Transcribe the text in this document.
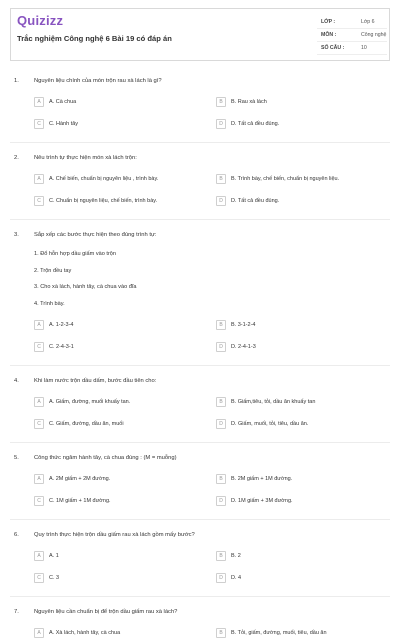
Quizizz
Trắc nghiệm Công nghệ 6 Bài 19 có đáp án
LỚP :	Lớp 6
MÔN :	Công nghệ
SỐ CÂU :	10
1.	Nguyên liệu chính của món trộn rau xà lách là gì?
A	A. Cà chua	B	B. Rau xà lách
C	C. Hành tây	D	D. Tất cả đều đúng.
2.	Nêu trình tự thực hiện món xà lách trộn:
A	A. Chế biến, chuẩn bị nguyên liệu , trình bày.	B	B. Trình bày, chế biến, chuẩn bị nguyên liệu.
C	C. Chuẩn bị nguyên liệu, chế biến, trình bày.	D	D. Tất cả đều đúng.
3.	Sắp xếp các bước thực hiện theo đúng trình tự:
1. Đổ hỗn hợp dầu giấm vào trộn
2. Trộn đều tay
3. Cho xà lách, hành tây, cà chua vào đĩa
4. Trình bày.
A	A. 1-2-3-4	B	B. 3-1-2-4
C	C. 2-4-3-1	D	D. 2-4-1-3
4.	Khi làm nước trộn dầu dấm, bước đầu tiên cho:
A	A. Giấm, đường, muối khuấy tan.	B	B. Giấm,tiêu, tỏi, dầu ăn khuấy tan
C	C. Giấm, đường, dầu ăn, muối	D	D. Giấm, muối, tỏi, tiêu, dầu ăn.
5.	Công thức ngâm hành tây, cà chua đúng : (M = muỗng)
A	A. 2M giấm + 2M đường.	B	B. 2M giấm + 1M đường.
C	C. 1M giấm + 1M đường.	D	D. 1M giấm + 3M đường.
6.	Quy trình thực hiện trộn dầu giấm rau xà lách gồm mấy bước?
A	A. 1	B	B. 2
C	C. 3	D	D. 4
7.	Nguyên liệu cần chuẩn bị để trộn dầu giấm rau xà lách?
A	A. Xà lách, hành tây, cà chua	B	B. Tỏi, giấm, đường, muối, tiêu, dầu ăn
